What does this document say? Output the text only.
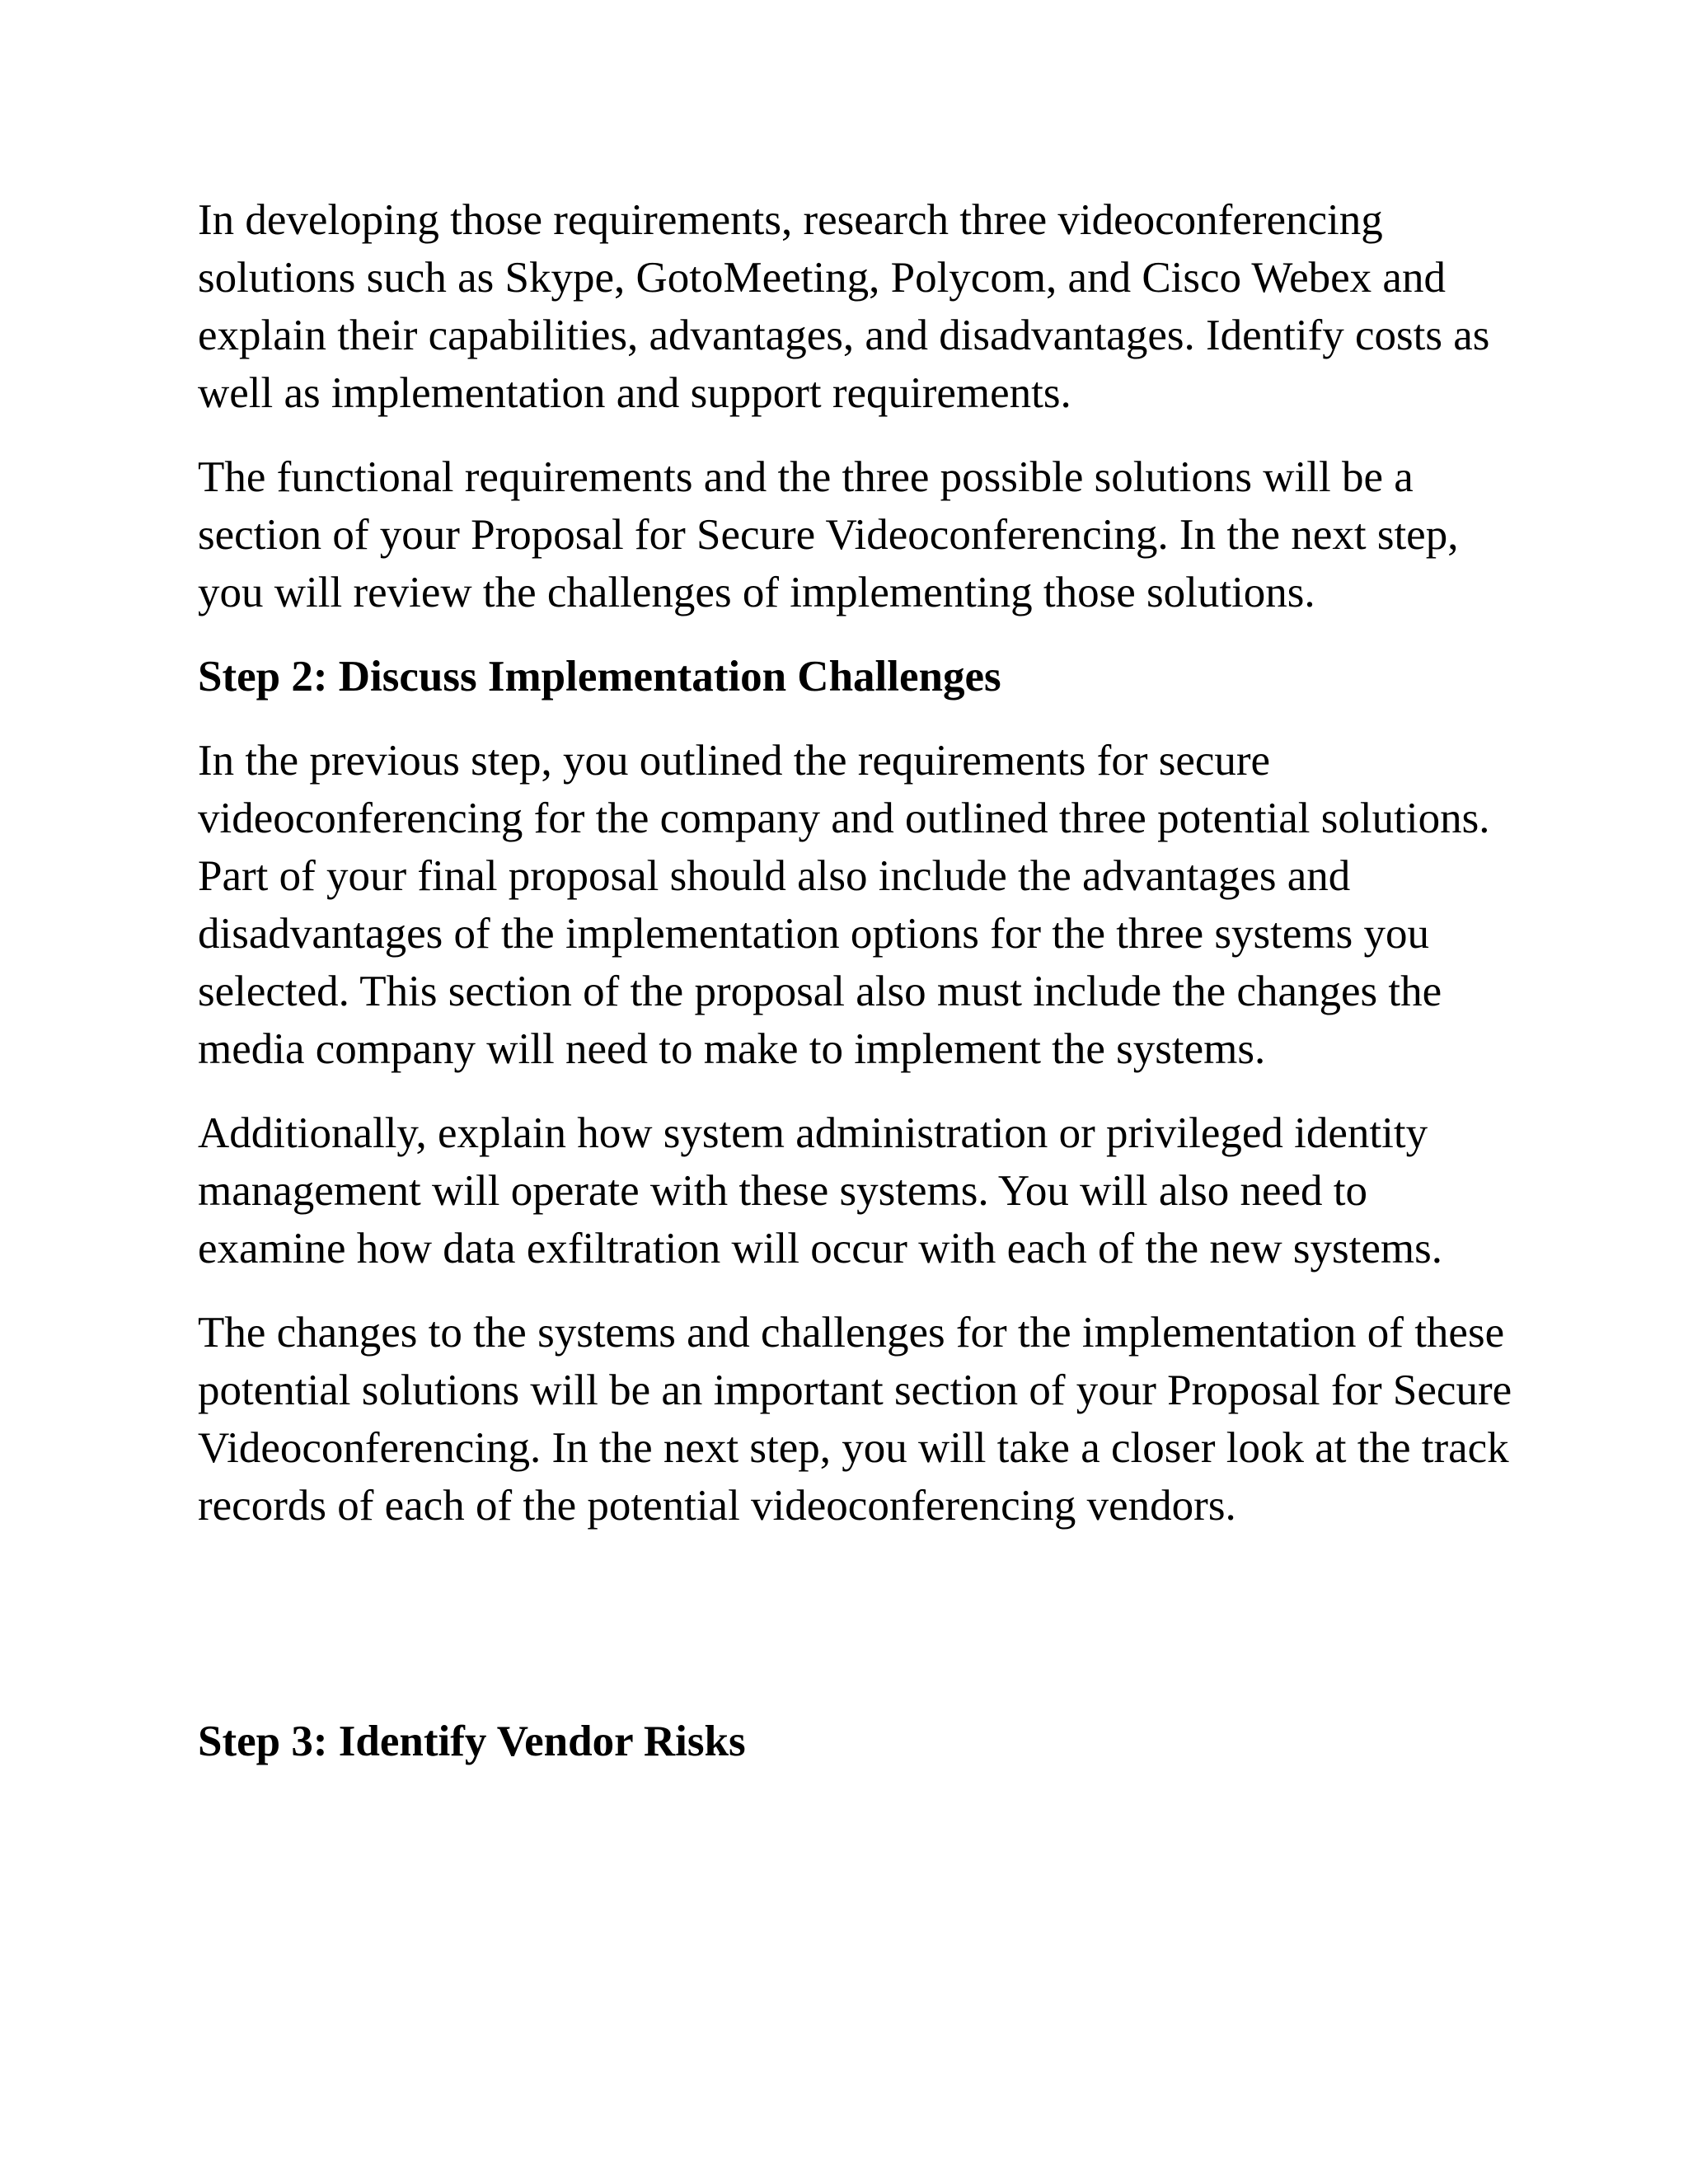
In developing those requirements, research three videoconferencing solutions such as Skype, GotoMeeting, Polycom, and Cisco Webex and explain their capabilities, advantages, and disadvantages. Identify costs as well as implementation and support requirements.

The functional requirements and the three possible solutions will be a section of your Proposal for Secure Videoconferencing. In the next step, you will review the challenges of implementing those solutions.

Step 2: Discuss Implementation Challenges

In the previous step, you outlined the requirements for secure videoconferencing for the company and outlined three potential solutions. Part of your final proposal should also include the advantages and disadvantages of the implementation options for the three systems you selected. This section of the proposal also must include the changes the media company will need to make to implement the systems.

Additionally, explain how system administration or privileged identity management will operate with these systems. You will also need to examine how data exfiltration will occur with each of the new systems.

The changes to the systems and challenges for the implementation of these potential solutions will be an important section of your Proposal for Secure Videoconferencing. In the next step, you will take a closer look at the track records of each of the potential videoconferencing vendors.

Step 3: Identify Vendor Risks
